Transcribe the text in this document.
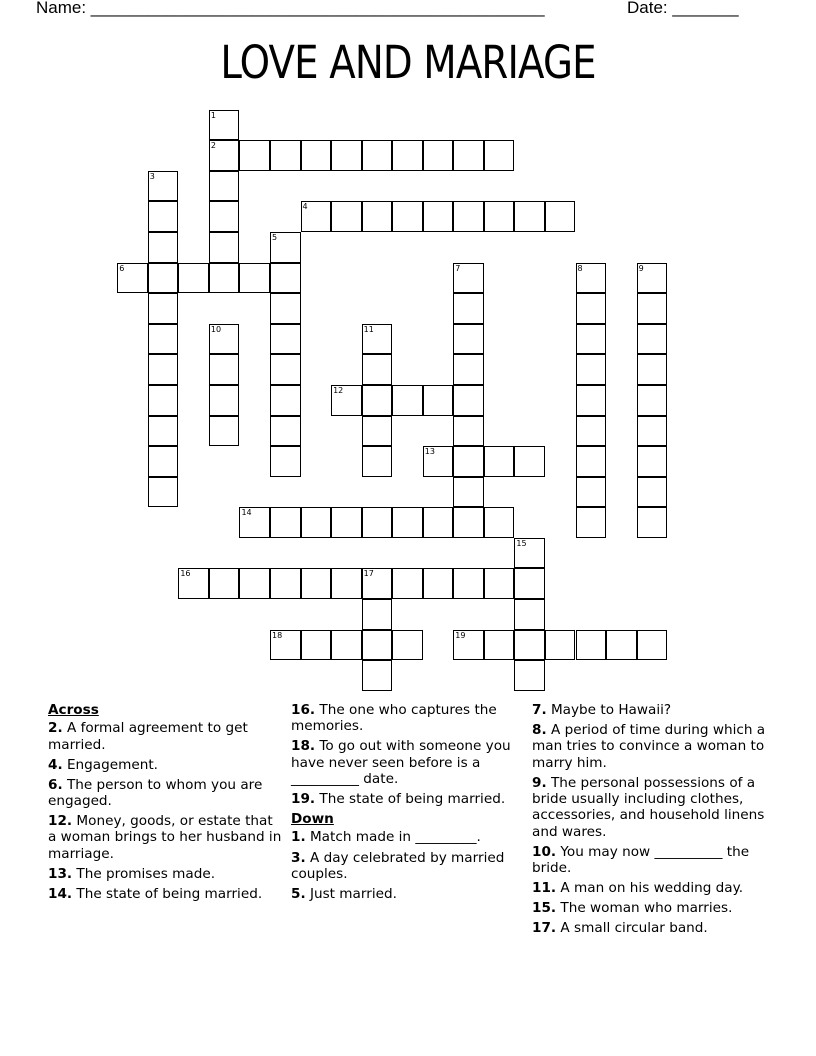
Name: ________________________________________________	Date: _______
LOVE AND MARIAGE
1
2
3
4
5
6	7	8	9
10	11
12
13
14
15
16	17
18	19
Across
2. A formal agreement to get married.
4. Engagement.
6. The person to whom you are engaged.
12. Money, goods, or estate that a woman brings to her husband in marriage.
13. The promises made.
14. The state of being married.
16. The one who captures the memories.
18. To go out with someone you have never seen before is a __________ date.
19. The state of being married.
Down
1. Match made in _________.
3. A day celebrated by married couples.
5. Just married.
7. Maybe to Hawaii?
8. A period of time during which a man tries to convince a woman to marry him.
9. The personal possessions of a bride usually including clothes, accessories, and household linens and wares.
10. You may now __________ the bride.
11. A man on his wedding day.
15. The woman who marries.
17. A small circular band.
